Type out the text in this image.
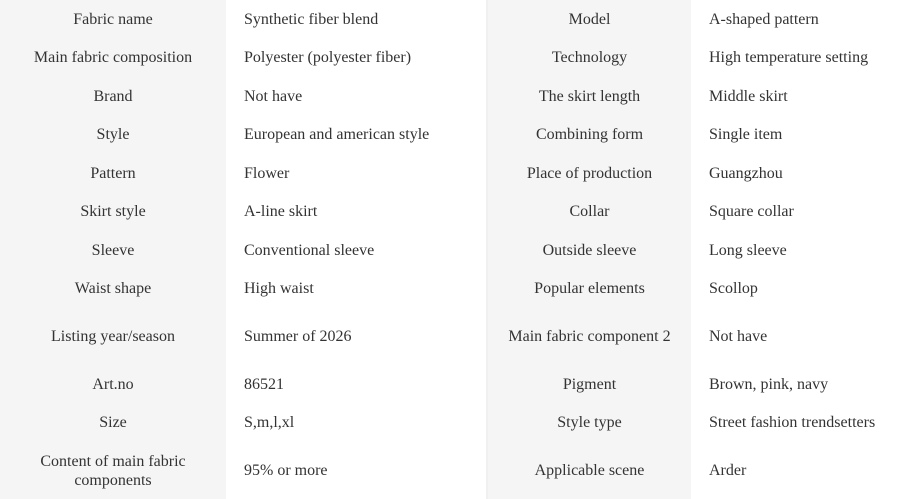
Fabric name	Synthetic fiber blend	Model	A-shaped pattern
Main fabric composition	Polyester (polyester fiber)	Technology	High temperature setting
Brand	Not have	The skirt length	Middle skirt
Style	European and american style	Combining form	Single item
Pattern	Flower	Place of production	Guangzhou
Skirt style	A-line skirt	Collar	Square collar
Sleeve	Conventional sleeve	Outside sleeve	Long sleeve
Waist shape	High waist	Popular elements	Scollop
Listing year/season	Summer of 2026	Main fabric component 2	Not have
Art.no	86521	Pigment	Brown, pink, navy
Size	S,m,l,xl	Style type	Street fashion trendsetters
Content of main fabric components	95% or more	Applicable scene	Arder
